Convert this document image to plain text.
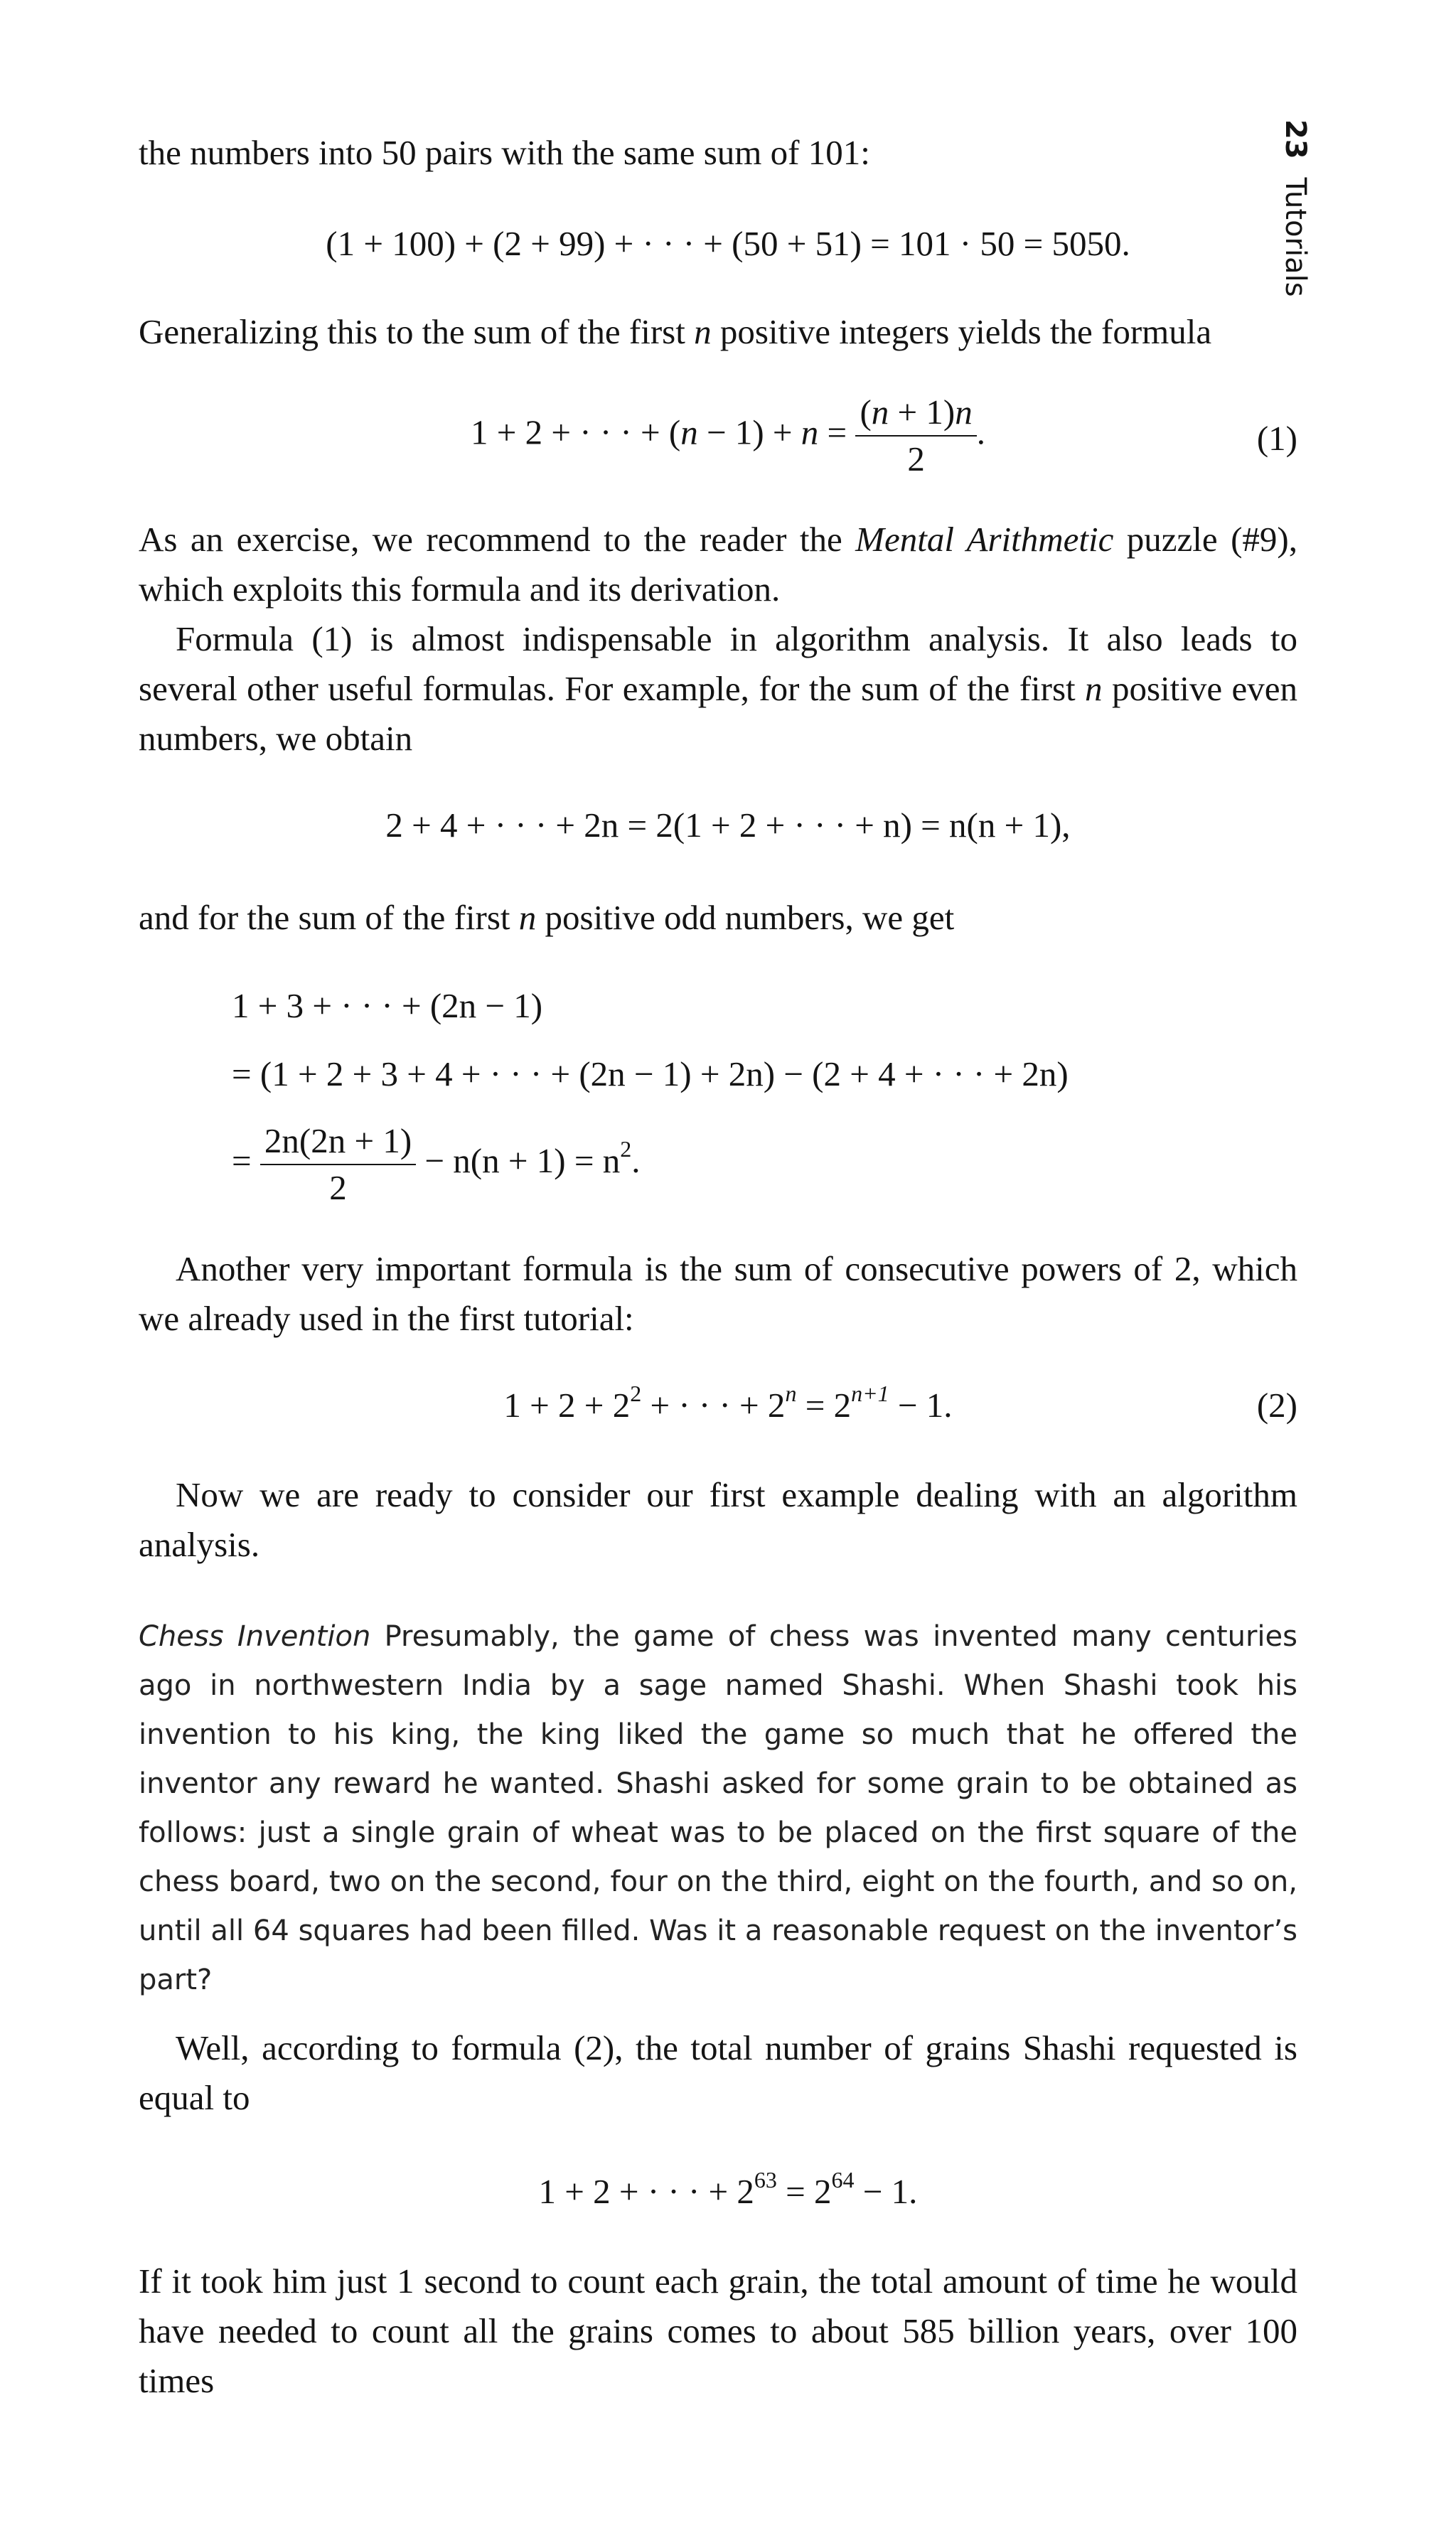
23Tutorials

the numbers into 50 pairs with the same sum of 101:

(1 + 100) + (2 + 99) + · · · + (50 + 51) = 101 · 50 = 5050.

Generalizing this to the sum of the first n positive integers yields the formula

1 + 2 + · · · + $(n - 1) + n = \frac{(n + 1)n}{2}$ .	(1)

As an exercise, we recommend to the reader the Mental Arithmetic puzzle (#9), which exploits this formula and its derivation.

Formula (1) is almost indispensable in algorithm analysis. It also leads to several other useful formulas. For example, for the sum of the first n positive even numbers, we obtain

2 + 4 + · · · + 2n = 2(1 + 2 + · · · + n) = n(n + 1),

and for the sum of the first n positive odd numbers, we get

1 + 3 + · · · + (2n − 1)

= (1 + 2 + 3 + 4 + · · · + (2n − 1) + 2n) − (2 + 4 + · · · + 2n)

= $\frac{2n(2n + 1)}{2} - n(n + 1) = n^2$.

Another very important formula is the sum of consecutive powers of 2, which we already used in the first tutorial:

$1 + 2 + 2^2$ + · · · + $2^n = 2^{n+1} - 1$.	(2)

Now we are ready to consider our first example dealing with an algorithm analysis.

Chess Invention Presumably, the game of chess was invented many centuries ago in northwestern India by a sage named Shashi. When Shashi took his invention to his king, the king liked the game so much that he offered the inventor any reward he wanted. Shashi asked for some grain to be obtained as follows: just a single grain of wheat was to be placed on the first square of the chess board, two on the second, four on the third, eight on the fourth, and so on, until all 64 squares had been filled. Was it a reasonable request on the inventor’s part?

Well, according to formula (2), the total number of grains Shashi requested is equal to

1 + 2 + · · · + $2^{63} = 2^{64} - 1$.

If it took him just 1 second to count each grain, the total amount of time he would have needed to count all the grains comes to about 585 billion years, over 100 times
